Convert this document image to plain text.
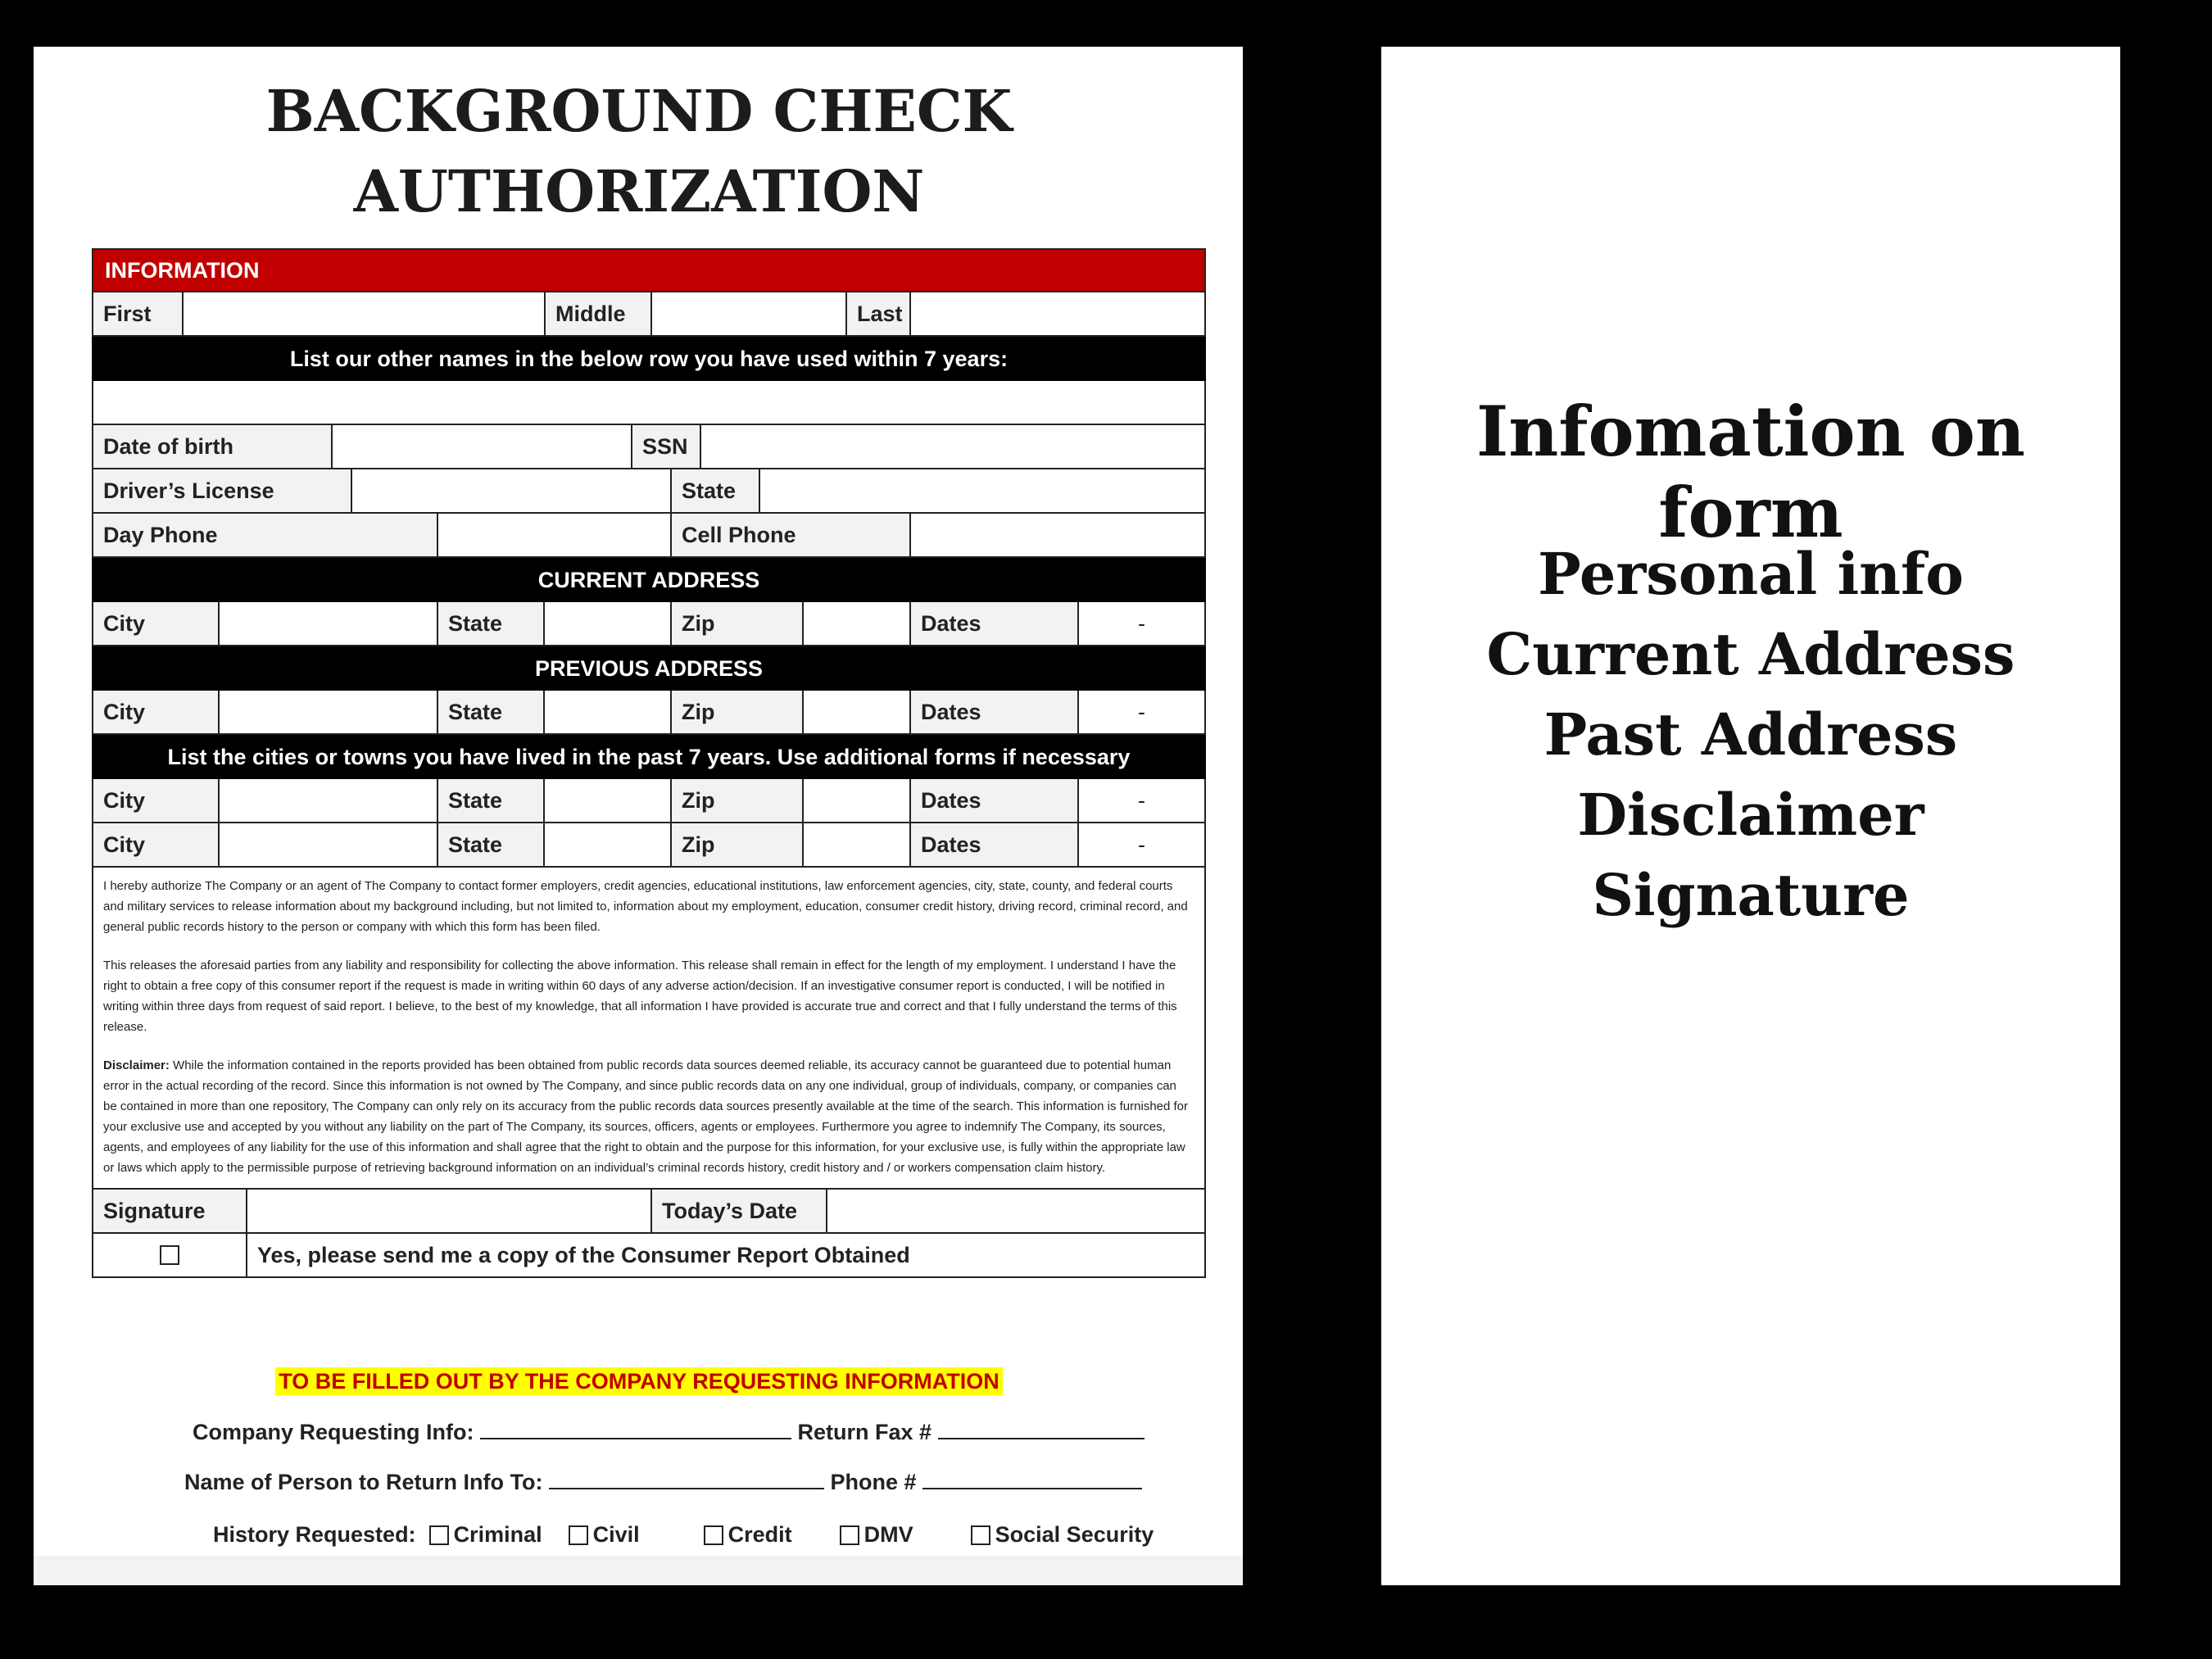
BACKGROUND CHECK
AUTHORIZATION
INFORMATION
First	Middle	Last
List our other names in the below row you have used within 7 years:
Date of birth	SSN
Driver’s License	State
Day Phone	Cell Phone
CURRENT ADDRESS
City	State	Zip	Dates	-
PREVIOUS ADDRESS
City	State	Zip	Dates	-
List the cities or towns you have lived in the past 7 years. Use additional forms if necessary
City	State	Zip	Dates	-
City	State	Zip	Dates	-

I hereby authorize The Company or an agent of The Company to contact former employers, credit agencies, educational institutions, law enforcement agencies, city, state, county, and federal courts and military services to release information about my background including, but not limited to, information about my employment, education, consumer credit history, driving record, criminal record, and general public records history to the person or company with which this form has been filed.

This releases the aforesaid parties from any liability and responsibility for collecting the above information. This release shall remain in effect for the length of my employment. I understand I have the right to obtain a free copy of this consumer report if the request is made in writing within 60 days of any adverse action/decision. If an investigative consumer report is conducted, I will be notified in writing within three days from request of said report. I believe, to the best of my knowledge, that all information I have provided is accurate true and correct and that I fully understand the terms of this release.

Disclaimer: While the information contained in the reports provided has been obtained from public records data sources deemed reliable, its accuracy cannot be guaranteed due to potential human error in the actual recording of the record. Since this information is not owned by The Company, and since public records data on any one individual, group of individuals, company, or companies can be contained in more than one repository, The Company can only rely on its accuracy from the public records data sources presently available at the time of the search. This information is furnished for your exclusive use and accepted by you without any liability on the part of The Company, its sources, officers, agents or employees. Furthermore you agree to indemnify The Company, its sources, agents, and employees of any liability for the use of this information and shall agree that the right to obtain and the purpose for this information, for your exclusive use, is fully within the appropriate law or laws which apply to the permissible purpose of retrieving background information on an individual’s criminal records history, credit history and / or workers compensation claim history.

Signature	Today’s Date
Yes, please send me a copy of the Consumer Report Obtained
TO BE FILLED OUT BY THE COMPANY REQUESTING INFORMATION
Company Requesting Info:	Return Fax #
Name of Person to Return Info To:	Phone #
History Requested: Criminal Civil	Credit	DMV	Social Security
Infomation on form
Personal info
Current Address
Past Address
Disclaimer
Signature
